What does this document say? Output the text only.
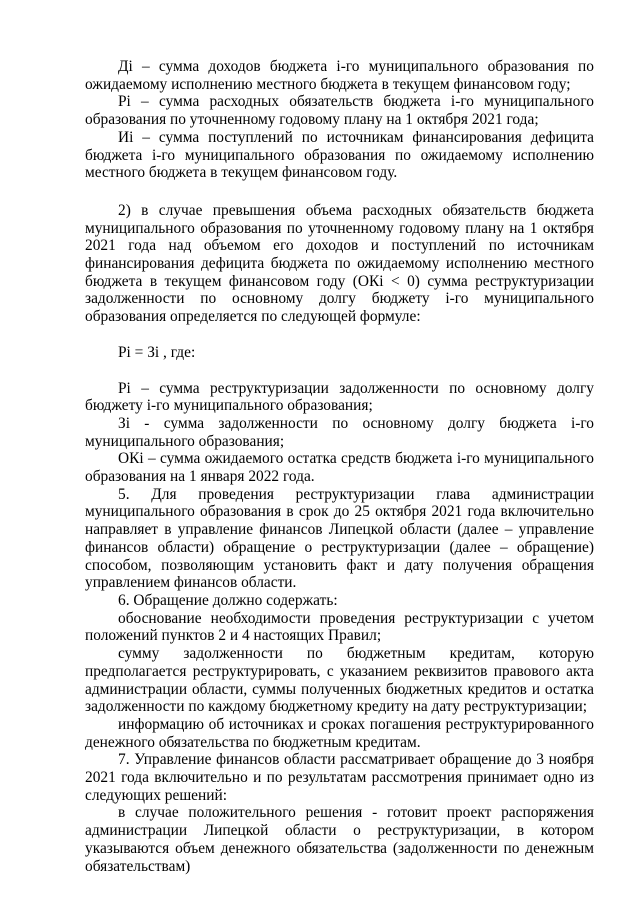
Дi – сумма доходов бюджета i-го муниципального образования по ожидаемому исполнению местного бюджета в текущем финансовом году;

Рi – сумма расходных обязательств бюджета i-го муниципального образования по уточненному годовому плану на 1 октября 2021 года;

Иi – сумма поступлений по источникам финансирования дефицита бюджета i-го муниципального образования по ожидаемому исполнению местного бюджета в текущем финансовом году.

2) в случае превышения объема расходных обязательств бюджета муниципального образования по уточненному годовому плану на 1 октября 2021 года над объемом его доходов и поступлений по источникам финансирования дефицита бюджета по ожидаемому исполнению местного бюджета в текущем финансовом году (ОКi < 0) сумма реструктуризации задолженности по основному долгу бюджету i-го муниципального образования определяется по следующей формуле:

Рi = Зi , где:

Рi – сумма реструктуризации задолженности по основному долгу бюджету i-го муниципального образования;

Зi - сумма задолженности по основному долгу бюджета i-го муниципального образования;

ОКi – сумма ожидаемого остатка средств бюджета i-го муниципального образования на 1 января 2022 года.

5. Для проведения реструктуризации глава администрации муниципального образования в срок до 25 октября 2021 года включительно направляет в управление финансов Липецкой области (далее – управление финансов области) обращение о реструктуризации (далее – обращение) способом, позволяющим установить факт и дату получения обращения управлением финансов области.

6. Обращение должно содержать:

обоснование необходимости проведения реструктуризации с учетом положений пунктов 2 и 4 настоящих Правил;

сумму задолженности по бюджетным кредитам, которую предполагается реструктурировать, с указанием реквизитов правового акта администрации области, суммы полученных бюджетных кредитов и остатка задолженности по каждому бюджетному кредиту на дату реструктуризации;

информацию об источниках и сроках погашения реструктурированного денежного обязательства по бюджетным кредитам.

7. Управление финансов области рассматривает обращение до 3 ноября 2021 года включительно и по результатам рассмотрения принимает одно из следующих решений:

в случае положительного решения - готовит проект распоряжения администрации Липецкой области о реструктуризации, в котором указываются объем денежного обязательства (задолженности по денежным обязательствам)
